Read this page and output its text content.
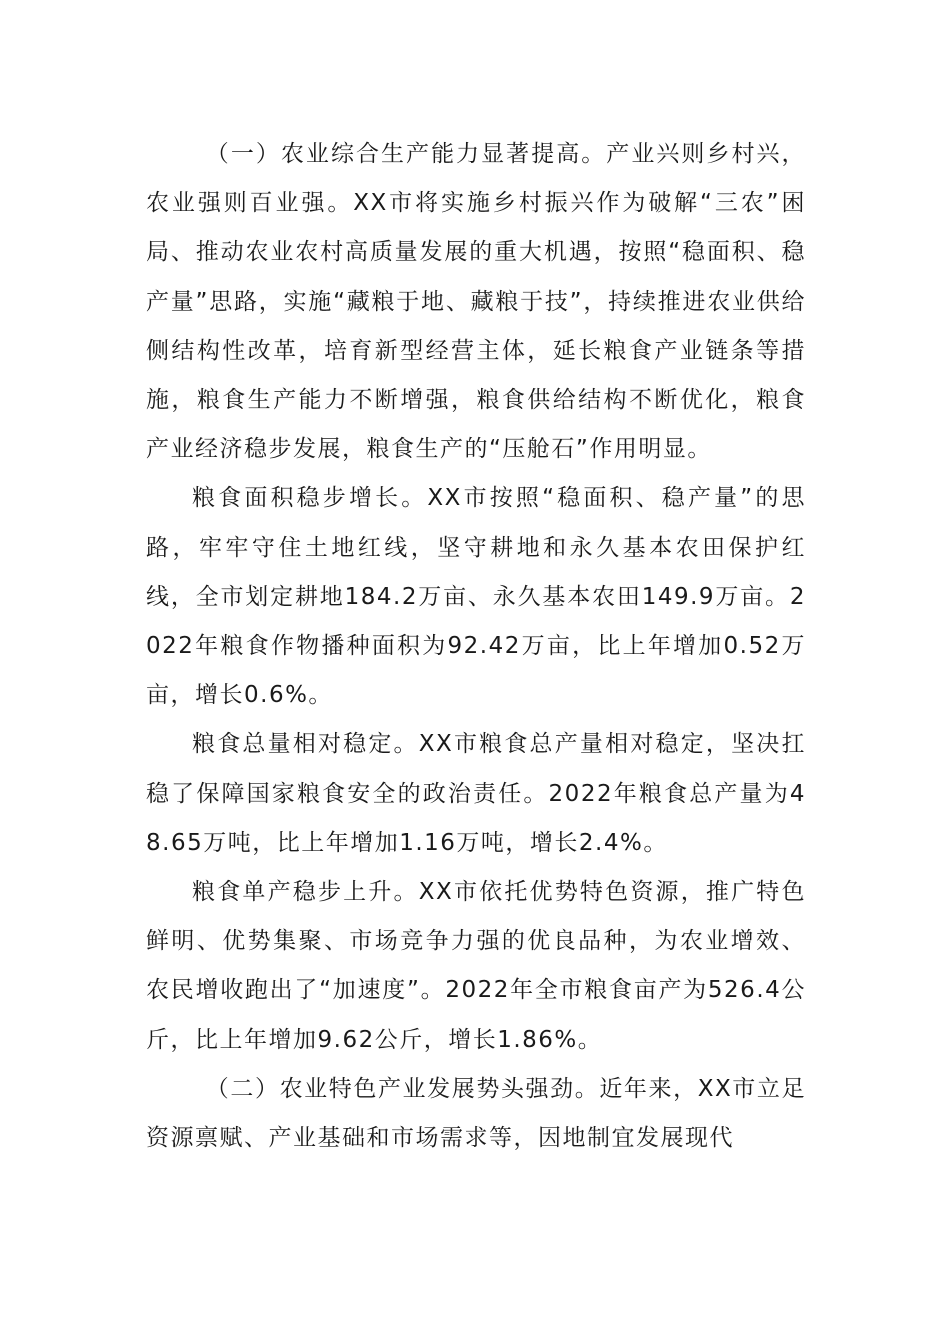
（一）农业综合生产能力显著提高。产业兴则乡村兴，农业强则百业强。XX市将实施乡村振兴作为破解“三农”困局、推动农业农村高质量发展的重大机遇，按照“稳面积、稳产量”思路，实施“藏粮于地、藏粮于技”，持续推进农业供给侧结构性改革，培育新型经营主体，延长粮食产业链条等措施，粮食生产能力不断增强，粮食供给结构不断优化，粮食产业经济稳步发展，粮食生产的“压舱石”作用明显。

粮食面积稳步增长。XX市按照“稳面积、稳产量”的思路，牢牢守住土地红线，坚守耕地和永久基本农田保护红线，全市划定耕地184.2万亩、永久基本农田149.9万亩。2022年粮食作物播种面积为92.42万亩，比上年增加0.52万亩，增长0.6%。

粮食总量相对稳定。XX市粮食总产量相对稳定，坚决扛稳了保障国家粮食安全的政治责任。2022年粮食总产量为48.65万吨，比上年增加1.16万吨，增长2.4%。

粮食单产稳步上升。XX市依托优势特色资源，推广特色鲜明、优势集聚、市场竞争力强的优良品种，为农业增效、农民增收跑出了“加速度”。2022年全市粮食亩产为526.4公斤，比上年增加9.62公斤，增长1.86%。

（二）农业特色产业发展势头强劲。近年来，XX市立足资源禀赋、产业基础和市场需求等，因地制宜发展现代
